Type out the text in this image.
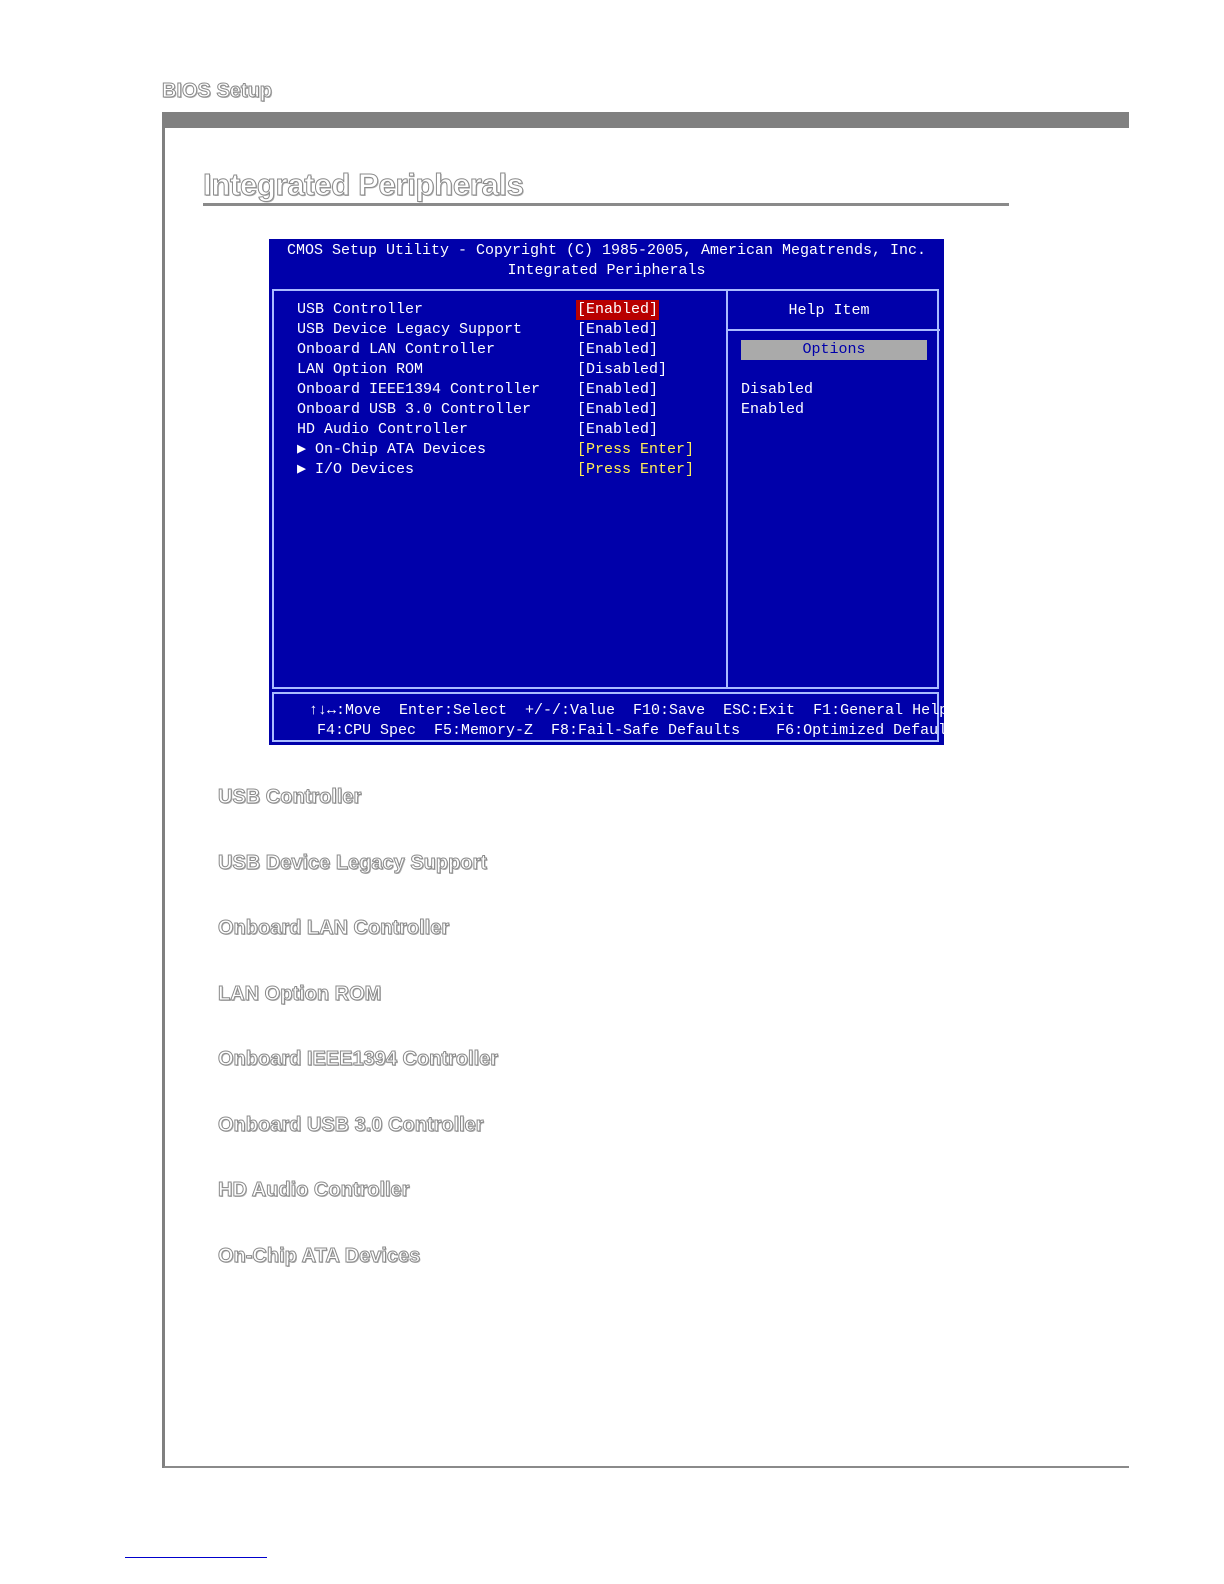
BIOS Setup
Integrated Peripherals
CMOS Setup Utility - Copyright (C) 1985-2005, American Megatrends, Inc.
Integrated Peripherals
USB Controller	[Enabled]
USB Device Legacy Support	[Enabled]
Onboard LAN Controller	[Enabled]
LAN Option ROM	[Disabled]
Onboard IEEE1394 Controller [Enabled]
Onboard USB 3.0 Controller	[Enabled]
HD Audio Controller	[Enabled]
▶ On-Chip ATA Devices	[Press Enter]
▶ I/O Devices	[Press Enter]
Help Item
Options
Disabled
Enabled
↑↓↔:Move  Enter:Select  +/-/:Value  F10:Save  ESC:Exit  F1:General Help
F4:CPU Spec  F5:Memory-Z  F8:Fail-Safe Defaults    F6:Optimized Defaults
USB Controller
USB Device Legacy Support
Onboard LAN Controller
LAN Option ROM
Onboard IEEE1394 Controller
Onboard USB 3.0 Controller
HD Audio Controller
On-Chip ATA Devices
